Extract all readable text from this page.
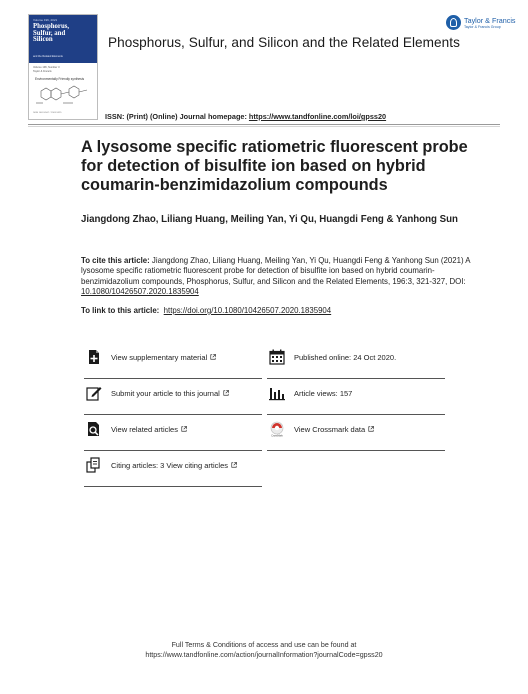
Volume 196, 2021
Phosphorus,
Sulfur, and
Silicon
and the Related Elements
Volume 196, Number 3
Taylor & Francis
Environmentally Friendly synthesis
ISSN 1042-6507 / 1563-5325
Phosphorus, Sulfur, and Silicon and the Related Elements
Taylor & Francis
Taylor & Francis Group
ISSN: (Print) (Online) Journal homepage: https://www.tandfonline.com/loi/gpss20
A lysosome specific ratiometric fluorescent probe for detection of bisulfite ion based on hybrid coumarin-benzimidazolium compounds
Jiangdong Zhao, Liliang Huang, Meiling Yan, Yi Qu, Huangdi Feng & Yanhong Sun
To cite this article: Jiangdong Zhao, Liliang Huang, Meiling Yan, Yi Qu, Huangdi Feng & Yanhong Sun (2021) A lysosome specific ratiometric fluorescent probe for detection of bisulfite ion based on hybrid coumarin-benzimidazolium compounds, Phosphorus, Sulfur, and Silicon and the Related Elements, 196:3, 321-327, DOI: 10.1080/10426507.2020.1835904
To link to this article: https://doi.org/10.1080/10426507.2020.1835904
View supplementary material	Published online: 24 Oct 2020.
Submit your article to this journal	Article views: 157
View related articles
CrossMark
View Crossmark data
Citing articles: 3 View citing articles
Full Terms & Conditions of access and use can be found at
https://www.tandfonline.com/action/journalInformation?journalCode=gpss20
